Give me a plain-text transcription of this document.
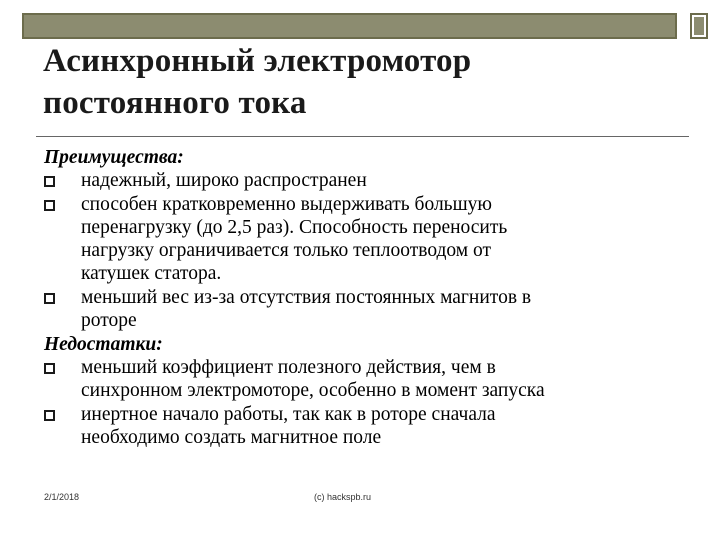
Асинхронный электромотор
постоянного тока

Преимущества:

надежный, широко распространен
способен кратковременно выдерживать большую
перенагрузку (до 2,5 раз). Способность переносить
нагрузку ограничивается только теплоотводом от
катушек статора.
меньший вес из-за отсутствия постоянных магнитов в
роторе

Недостатки:

меньший коэффициент полезного действия, чем в
синхронном электромоторе, особенно в момент запуска
инертное начало работы, так как в роторе сначала
необходимо создать магнитное поле
2/1/2018	(c) hackspb.ru
